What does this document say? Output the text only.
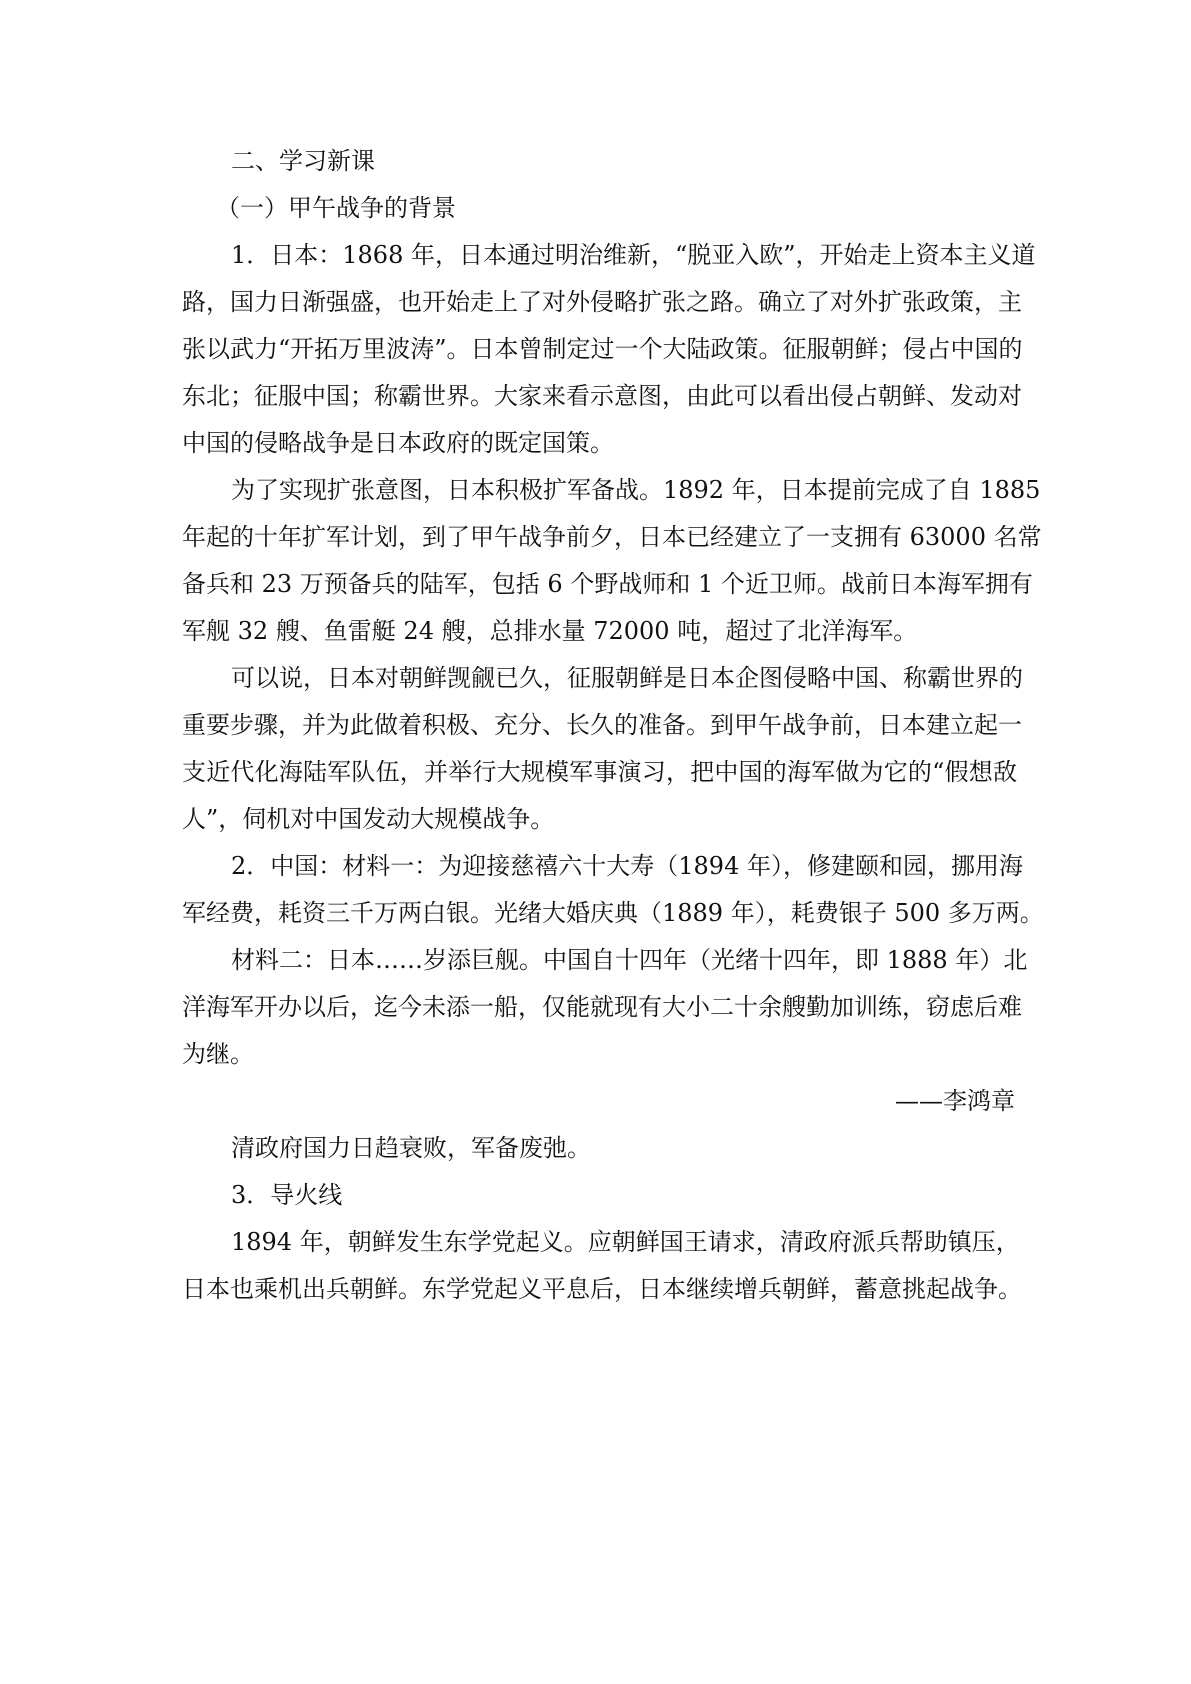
二、学习新课
（一）甲午战争的背景
1．日本：1868 年，日本通过明治维新，“脱亚入欧”，开始走上资本主义道
路，国力日渐强盛，也开始走上了对外侵略扩张之路。确立了对外扩张政策，主
张以武力“开拓万里波涛”。日本曾制定过一个大陆政策。征服朝鲜；侵占中国的
东北；征服中国；称霸世界。大家来看示意图，由此可以看出侵占朝鲜、发动对
中国的侵略战争是日本政府的既定国策。
为了实现扩张意图，日本积极扩军备战。1892 年，日本提前完成了自 1885
年起的十年扩军计划，到了甲午战争前夕，日本已经建立了一支拥有 63000 名常
备兵和 23 万预备兵的陆军，包括 6 个野战师和 1 个近卫师。战前日本海军拥有
军舰 32 艘、鱼雷艇 24 艘，总排水量 72000 吨，超过了北洋海军。
可以说，日本对朝鲜觊觎已久，征服朝鲜是日本企图侵略中国、称霸世界的
重要步骤，并为此做着积极、充分、长久的准备。到甲午战争前，日本建立起一
支近代化海陆军队伍，并举行大规模军事演习，把中国的海军做为它的“假想敌
人”，伺机对中国发动大规模战争。
2．中国：材料一：为迎接慈禧六十大寿（1894 年），修建颐和园，挪用海
军经费，耗资三千万两白银。光绪大婚庆典（1889 年），耗费银子 500 多万两。
材料二：日本……岁添巨舰。中国自十四年（光绪十四年，即 1888 年）北
洋海军开办以后，迄今未添一船，仅能就现有大小二十余艘勤加训练，窃虑后难
为继。
——李鸿章
清政府国力日趋衰败，军备废弛。
3．导火线
1894 年，朝鲜发生东学党起义。应朝鲜国王请求，清政府派兵帮助镇压，
日本也乘机出兵朝鲜。东学党起义平息后，日本继续增兵朝鲜，蓄意挑起战争。
